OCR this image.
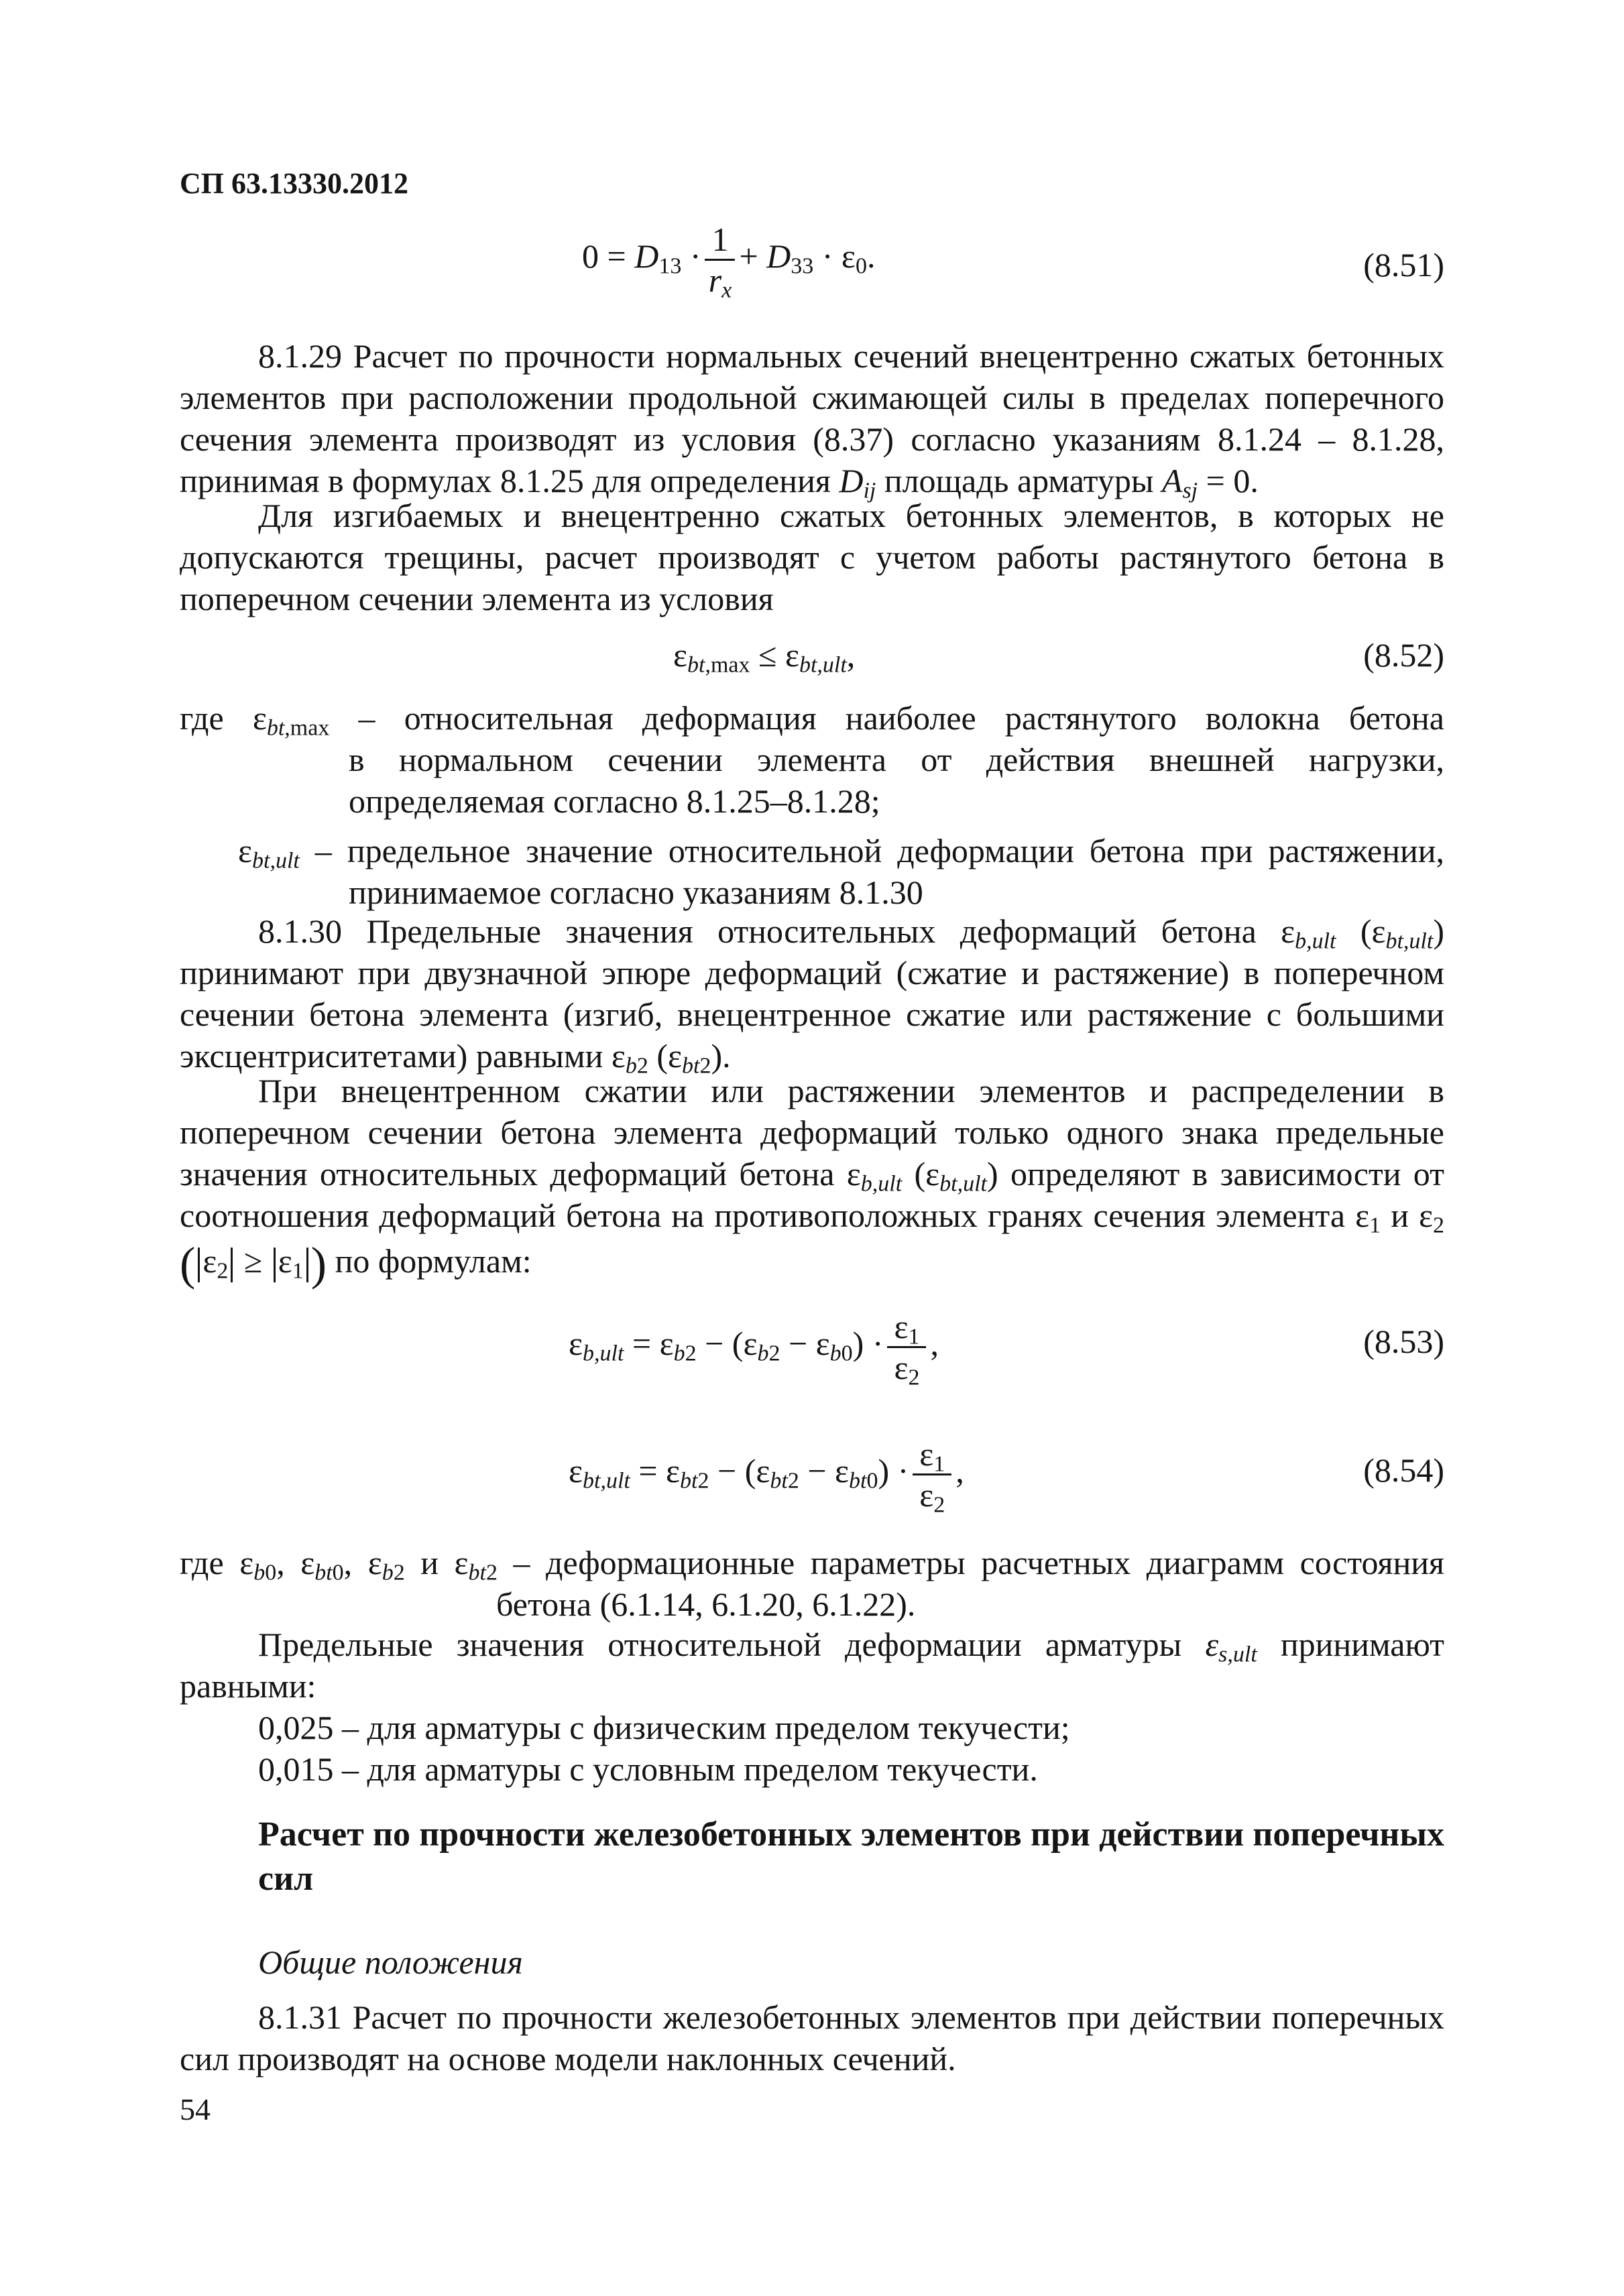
СП 63.13330.2012
$0 = D_{13} \cdot \frac{1}{r_x} + D_{33} \cdot \varepsilon_0$.	(8.51)
8.1.29 Расчет по прочности нормальных сечений внецентренно сжатых бетонных
элементов при расположении продольной сжимающей силы в пределах поперечного
сечения элемента производят из условия (8.37) согласно указаниям 8.1.24 – 8.1.28,
принимая в формулах 8.1.25 для определения $D_{ij}$ площадь арматуры $A_{sj} = 0$.
Для изгибаемых и внецентренно сжатых бетонных элементов, в которых не
допускаются трещины, расчет производят с учетом работы растянутого бетона в
поперечном сечении элемента из условия
$\varepsilon_{bt,max} \le \varepsilon_{bt,ult}$,	(8.52)
где $\varepsilon_{bt,max}$ – относительная деформация наиболее растянутого волокна бетона
в нормальном сечении элемента от действия внешней нагрузки,
определяемая согласно 8.1.25–8.1.28;
$\varepsilon_{bt,ult}$ – предельное значение относительной деформации бетона при растяжении,
принимаемое согласно указаниям 8.1.30
8.1.30 Предельные значения относительных деформаций бетона $\varepsilon_{b,ult}$ $(\varepsilon_{bt,ult})$
принимают при двузначной эпюре деформаций (сжатие и растяжение) в поперечном
сечении бетона элемента (изгиб, внецентренное сжатие или растяжение с большими
эксцентриситетами) равными $\varepsilon_{b2}$ $(\varepsilon_{bt2})$.
При внецентренном сжатии или растяжении элементов и распределении в
поперечном сечении бетона элемента деформаций только одного знака предельные
значения относительных деформаций бетона $\varepsilon_{b,ult}$ $(\varepsilon_{bt,ult})$ определяют в зависимости от
соотношения деформаций бетона на противоположных гранях сечения элемента $\varepsilon_1$ и $\varepsilon_2$
( $\varepsilon_2 \ge \varepsilon_1$ ) по формулам:
$\varepsilon_{b,ult} = \varepsilon_{b2} - (\varepsilon_{b2} - \varepsilon_{b0}) \cdot \frac{\varepsilon_1}{\varepsilon_2}$ ,	(8.53)
$\varepsilon_{bt,ult} = \varepsilon_{bt2} - (\varepsilon_{bt2} - \varepsilon_{bt0}) \cdot \frac{\varepsilon_1}{\varepsilon_2}$ ,	(8.54)
где $\varepsilon_{b0}$, $\varepsilon_{bt0}$, $\varepsilon_{b2}$ и $\varepsilon_{bt2}$ – деформационные параметры расчетных диаграмм состояния
бетона (6.1.14, 6.1.20, 6.1.22).
Предельные значения относительной деформации арматуры $\varepsilon_{s,ult}$ принимают
равными:
0,025 – для арматуры с физическим пределом текучести;
0,015 – для арматуры с условным пределом текучести.
Расчет по прочности железобетонных элементов при действии поперечных сил
Общие положения
8.1.31 Расчет по прочности железобетонных элементов при действии поперечных
сил производят на основе модели наклонных сечений.
54
